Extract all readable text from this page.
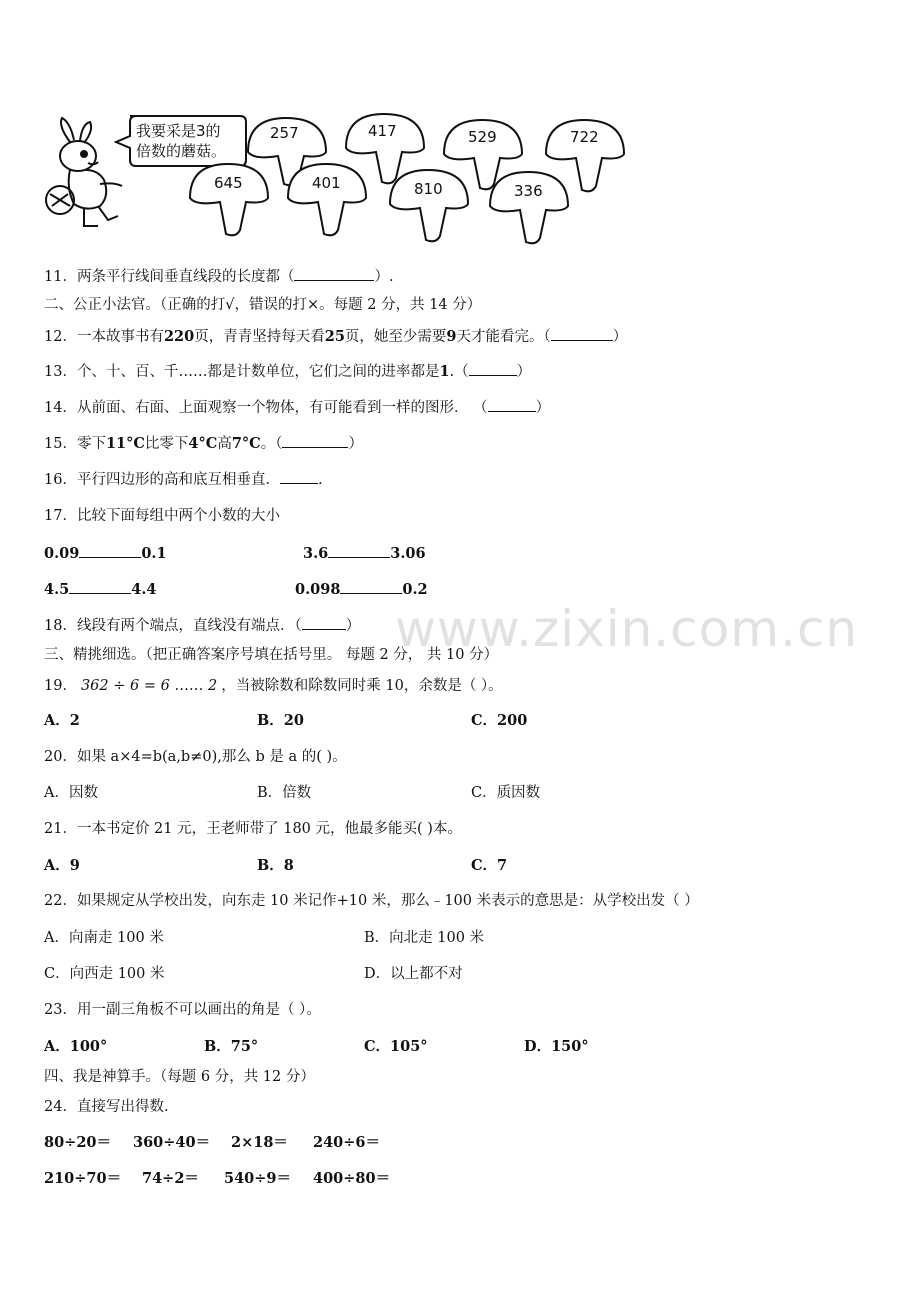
我要采是3的
倍数的蘑菇。
257	417	529	722
645	401	810	336
11．两条平行线间垂直线段的长度都（	）.
二、公正小法官。（正确的打√，错误的打×。每题 2 分，共 14 分）
12．一本故事书有220页，青青坚持每天看25页，她至少需要9天才能看完。（	）
13．个、十、百、千……都是计数单位，它们之间的进率都是1.（	）
14．从前面、右面、上面观察一个物体，有可能看到一样的图形． （	）
15．零下11°C比零下4°C高7°C。（	）
16．平行四边形的高和底互相垂直．	.
17．比较下面每组中两个小数的大小
0.09	0.1	3.6	3.06
4.5	4.4	0.098	0.2
18．线段有两个端点，直线没有端点．（	）
三、精挑细选。（把正确答案序号填在括号里。 每题 2 分， 共 10 分）
19． 362 ÷ 6 = 6 …… 2 ，当被除数和除数同时乘 10，余数是（ ）。
A．2	B．20	C．200
20．如果 a×4=b(a,b≠0),那么 b 是 a 的( )。
A．因数	B．倍数	C．质因数
21．一本书定价 21 元，王老师带了 180 元，他最多能买( )本。
A．9	B．8	C．7
22．如果规定从学校出发，向东走 10 米记作+10 米，那么﹣100 米表示的意思是：从学校出发（ ）
A．向南走 100 米	B．向北走 100 米
C．向西走 100 米	D．以上都不对
23．用一副三角板不可以画出的角是（ ）。
A．100°	B．75°	C．105°	D．150°
四、我是神算手。（每题 6 分，共 12 分）
24．直接写出得数.
80÷20＝ 360÷40＝ 2×18＝ 240÷6＝
210÷70＝ 74÷2＝ 540÷9＝ 400÷80＝
www.zixin.com.cn
